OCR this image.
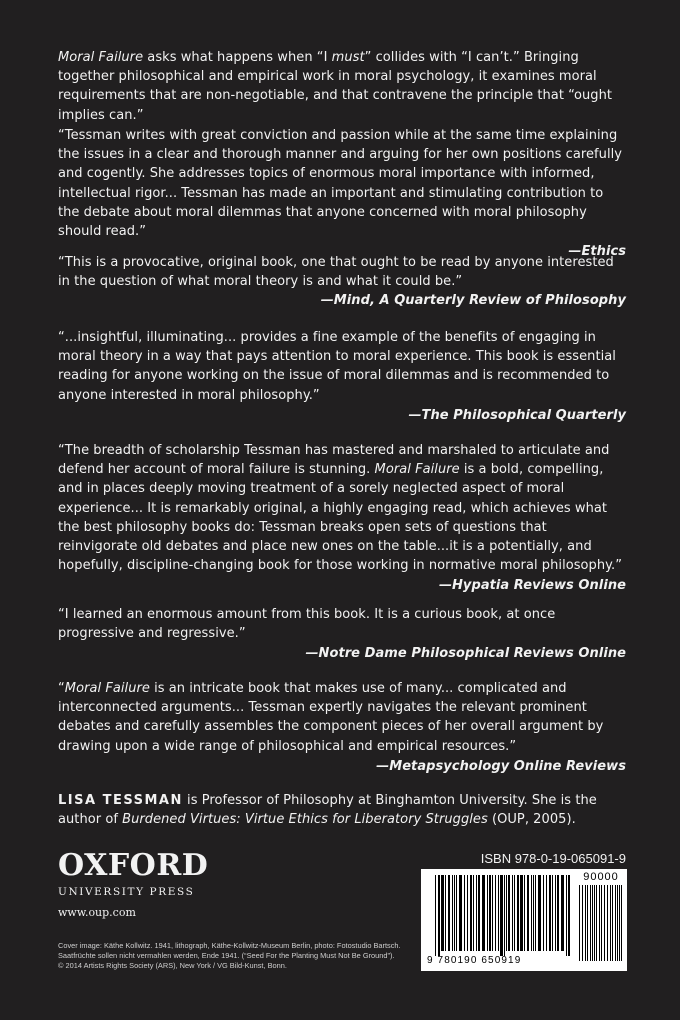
Moral Failure asks what happens when “I must” collides with “I can’t.” Bringing together philosophical and empirical work in moral psychology, it examines moral requirements that are non-negotiable, and that contravene the principle that “ought implies can.”

“Tessman writes with great conviction and passion while at the same time explaining the issues in a clear and thorough manner and arguing for her own positions carefully and cogently. She addresses topics of enormous moral importance with informed, intellectual rigor... Tessman has made an important and stimulating contribution to the debate about moral dilemmas that anyone concerned with moral philosophy should read.”

—Ethics

“This is a provocative, original book, one that ought to be read by anyone interested in the question of what moral theory is and what it could be.”

—Mind, A Quarterly Review of Philosophy

“...insightful, illuminating... provides a fine example of the benefits of engaging in moral theory in a way that pays attention to moral experience. This book is essential reading for anyone working on the issue of moral dilemmas and is recommended to anyone interested in moral philosophy.”

—The Philosophical Quarterly

“The breadth of scholarship Tessman has mastered and marshaled to articulate and defend her account of moral failure is stunning. Moral Failure is a bold, compelling, and in places deeply moving treatment of a sorely neglected aspect of moral experience... It is remarkably original, a highly engaging read, which achieves what the best philosophy books do: Tessman breaks open sets of questions that reinvigorate old debates and place new ones on the table...it is a potentially, and hopefully, discipline-changing book for those working in normative moral philosophy.”

—Hypatia Reviews Online

“I learned an enormous amount from this book. It is a curious book, at once progressive and regressive.”

—Notre Dame Philosophical Reviews Online

“Moral Failure is an intricate book that makes use of many... complicated and interconnected arguments... Tessman expertly navigates the relevant prominent debates and carefully assembles the component pieces of her overall argument by drawing upon a wide range of philosophical and empirical resources.”

—Metapsychology Online Reviews

LISA TESSMAN is Professor of Philosophy at Binghamton University. She is the author of Burdened Virtues: Virtue Ethics for Liberatory Struggles (OUP, 2005).

OXFORD
UNIVERSITY PRESS
www.oup.com

Cover image: Käthe Kollwitz. 1941, lithograph, Käthe-Kollwitz-Museum Berlin, photo: Fotostudio Bartsch.

Saatfrüchte sollen nicht vermahlen werden, Ende 1941. (“Seed For the Planting Must Not Be Ground”).

© 2014 Artists Rights Society (ARS), New York / VG Bild-Kunst, Bonn.

ISBN 978-0-19-065091-9
90000
9 780190 650919
